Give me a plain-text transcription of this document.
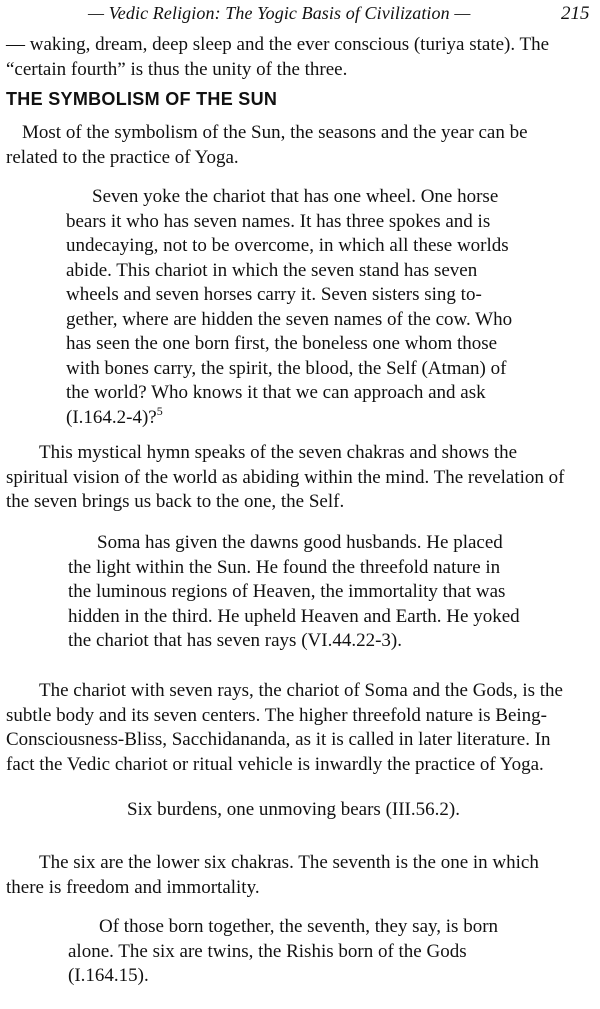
— Vedic Religion: The Yogic Basis of Civilization —	215
— waking, dream, deep sleep and the ever conscious (turiya state). The
“certain fourth” is thus the unity of the three.
THE SYMBOLISM OF THE SUN
Most of the symbolism of the Sun, the seasons and the year can be
related to the practice of Yoga.
Seven yoke the chariot that has one wheel. One horse
bears it who has seven names. It has three spokes and is
undecaying, not to be overcome, in which all these worlds
abide. This chariot in which the seven stand has seven
wheels and seven horses carry it. Seven sisters sing to-
gether, where are hidden the seven names of the cow. Who
has seen the one born first, the boneless one whom those
with bones carry, the spirit, the blood, the Self (Atman) of
the world? Who knows it that we can approach and ask
(I.164.2-4)?$^5$
This mystical hymn speaks of the seven chakras and shows the
spiritual vision of the world as abiding within the mind. The revelation of
the seven brings us back to the one, the Self.
Soma has given the dawns good husbands. He placed
the light within the Sun. He found the threefold nature in
the luminous regions of Heaven, the immortality that was
hidden in the third. He upheld Heaven and Earth. He yoked
the chariot that has seven rays (VI.44.22-3).
The chariot with seven rays, the chariot of Soma and the Gods, is the
subtle body and its seven centers. The higher threefold nature is Being-
Consciousness-Bliss, Sacchidananda, as it is called in later literature. In
fact the Vedic chariot or ritual vehicle is inwardly the practice of Yoga.
Six burdens, one unmoving bears (III.56.2).
The six are the lower six chakras. The seventh is the one in which
there is freedom and immortality.
Of those born together, the seventh, they say, is born
alone. The six are twins, the Rishis born of the Gods
(I.164.15).
